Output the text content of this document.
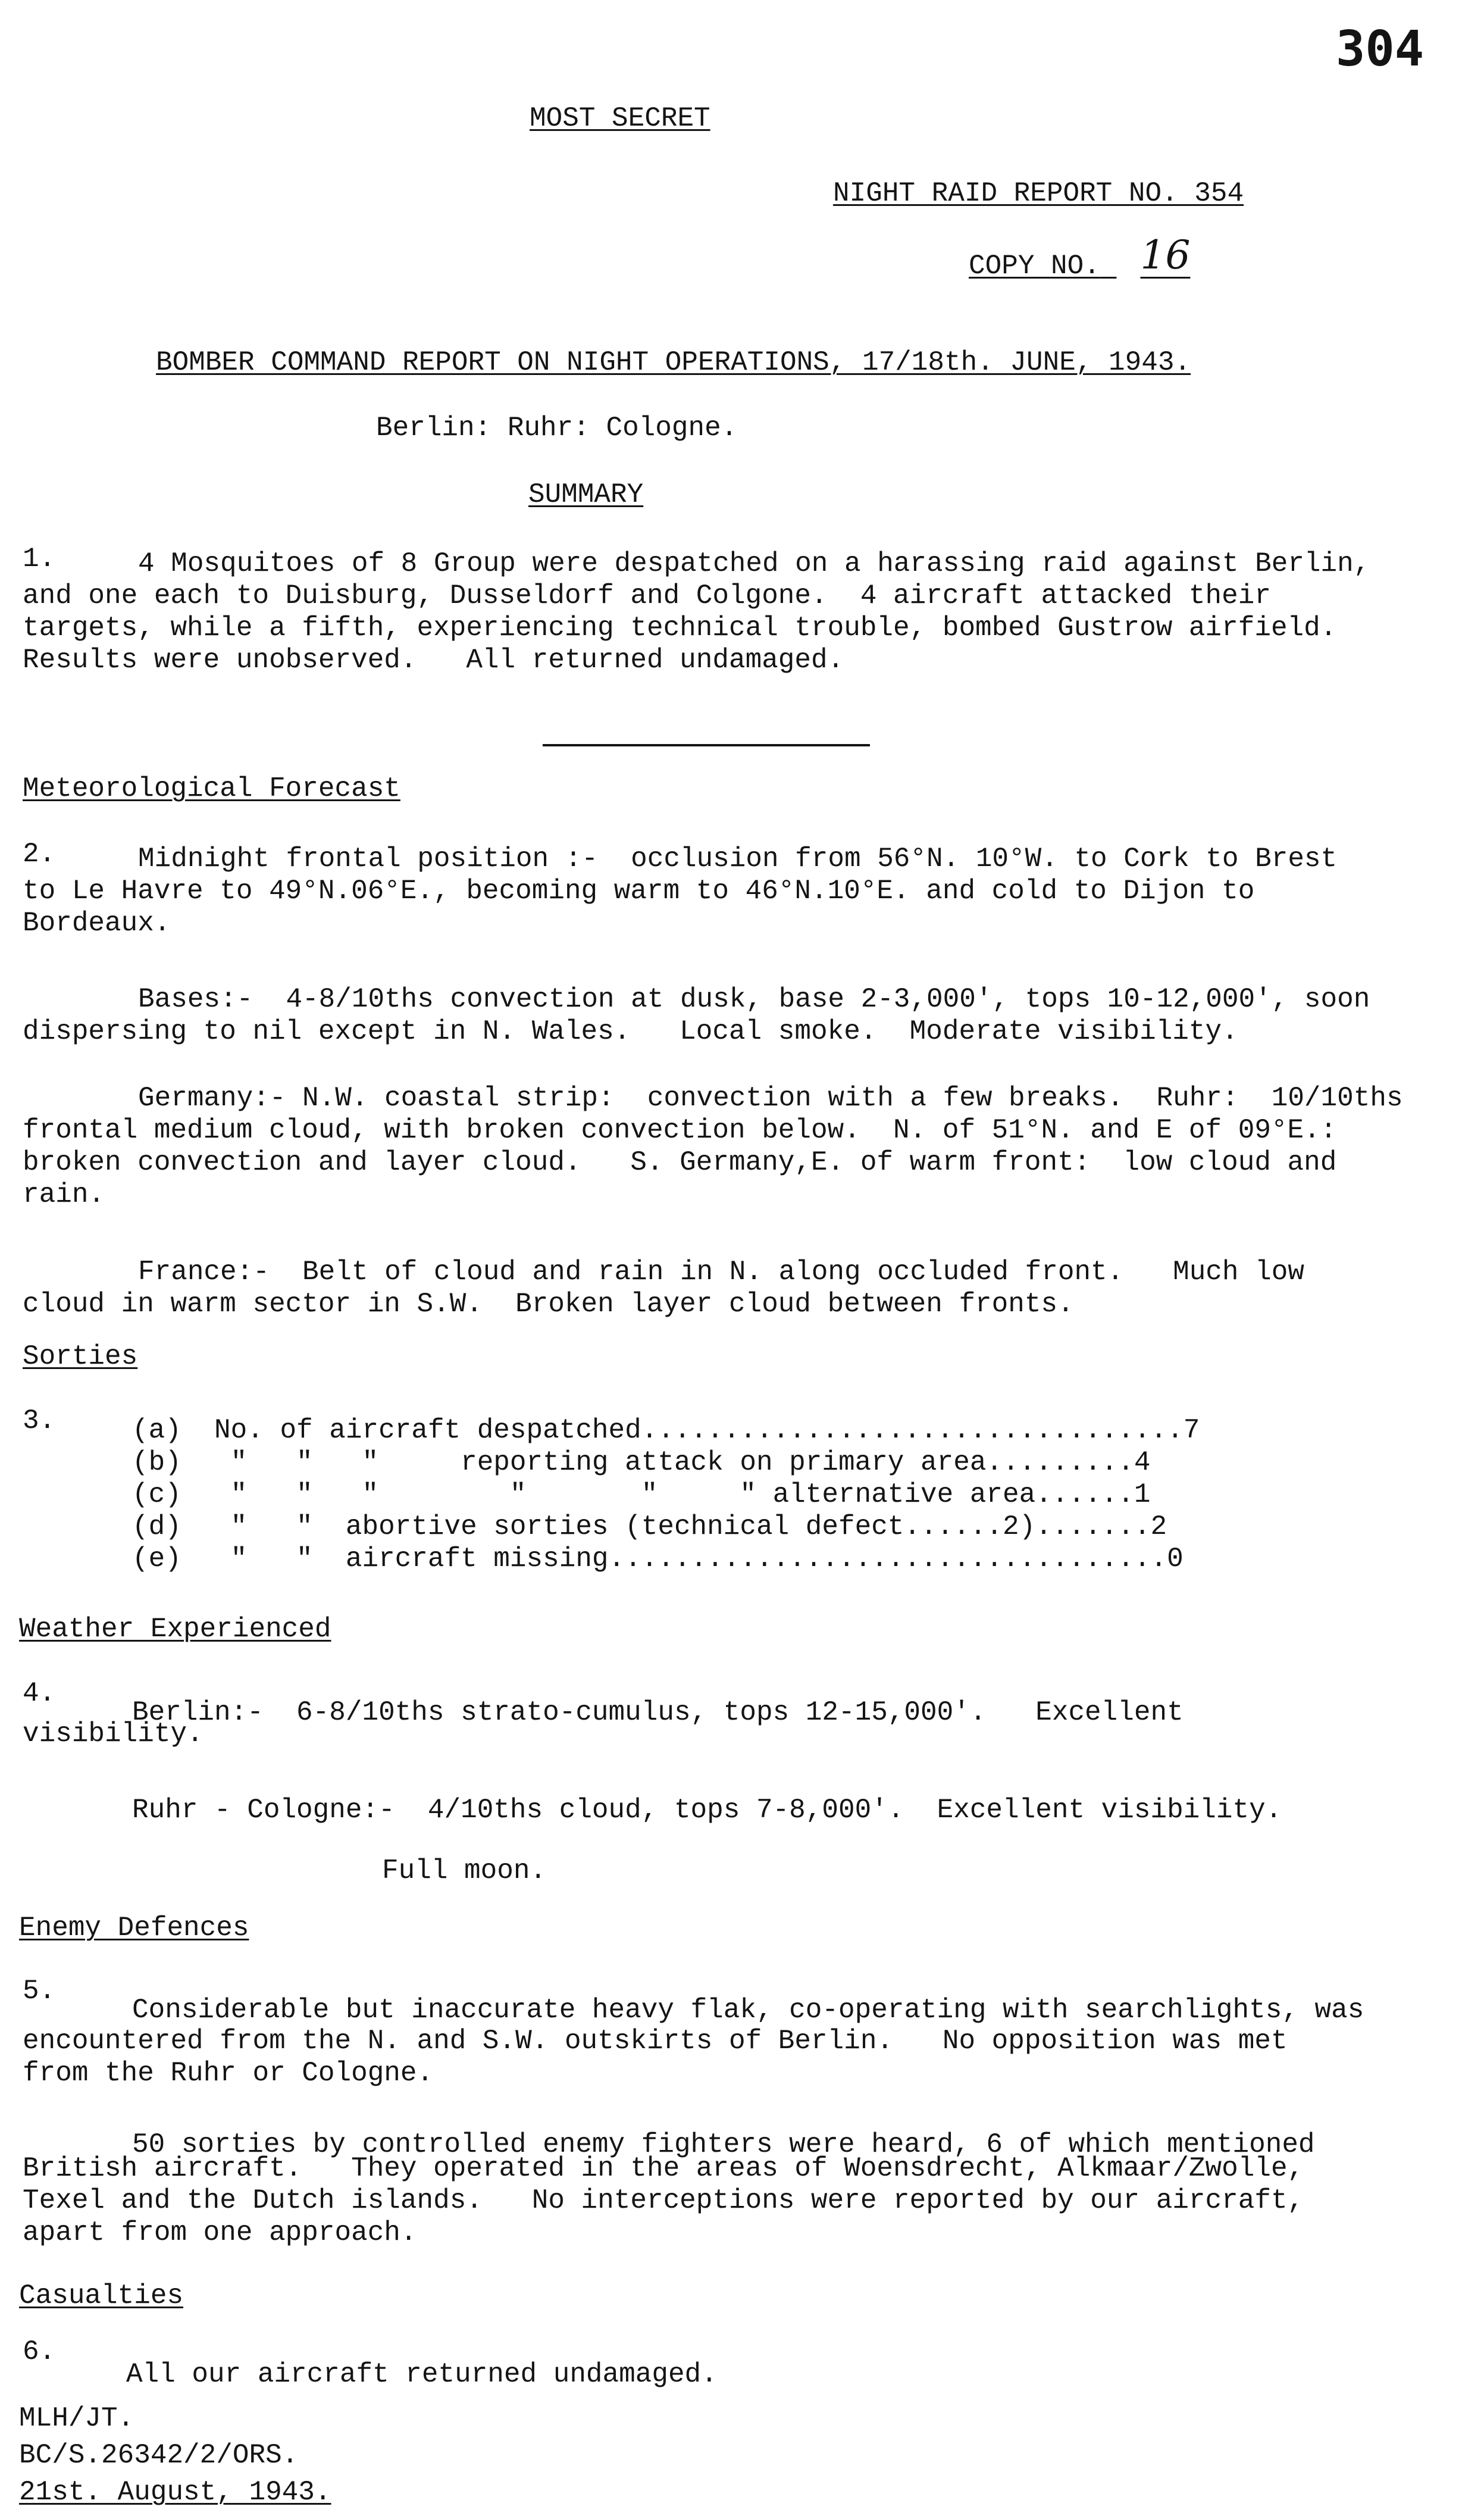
304
MOST SECRET
NIGHT RAID REPORT NO. 354
COPY NO. 16
BOMBER COMMAND REPORT ON NIGHT OPERATIONS, 17/18th. JUNE, 1943.
Berlin: Ruhr: Cologne.
SUMMARY
1.	4 Mosquitoes of 8 Group were despatched on a harassing raid against Berlin,
and one each to Duisburg, Dusseldorf and Colgone.  4 aircraft attacked their
targets, while a fifth, experiencing technical trouble, bombed Gustrow airfield.
Results were unobserved.   All returned undamaged.
Meteorological Forecast
2.	Midnight frontal position :-  occlusion from 56°N. 10°W. to Cork to Brest
to Le Havre to 49°N.06°E., becoming warm to 46°N.10°E. and cold to Dijon to
Bordeaux.
Bases:-  4-8/10ths convection at dusk, base 2-3,000', tops 10-12,000', soon
dispersing to nil except in N. Wales.   Local smoke.  Moderate visibility.
Germany:- N.W. coastal strip:  convection with a few breaks.  Ruhr:  10/10ths
frontal medium cloud, with broken convection below.  N. of 51°N. and E of 09°E.:
broken convection and layer cloud.   S. Germany,E. of warm front:  low cloud and
rain.
France:-  Belt of cloud and rain in N. along occluded front.   Much low
cloud in warm sector in S.W.  Broken layer cloud between fronts.
Sorties
3.	(a)  No. of aircraft despatched.................................7
(b)   "   "   "     reporting attack on primary area.........4
(c)   "   "   "        "       "     " alternative area......1
(d)   "   "  abortive sorties (technical defect......2).......2
(e)   "   "  aircraft missing..................................0
Weather Experienced
4.
Berlin:-  6-8/10ths strato-cumulus, tops 12-15,000'.   Excellent
visibility.
Ruhr - Cologne:-  4/10ths cloud, tops 7-8,000'.  Excellent visibility.
Full moon.
Enemy Defences
5.
Considerable but inaccurate heavy flak, co-operating with searchlights, was
encountered from the N. and S.W. outskirts of Berlin.   No opposition was met
from the Ruhr or Cologne.
50 sorties by controlled enemy fighters were heard, 6 of which mentioned
British aircraft.   They operated in the areas of Woensdrecht, Alkmaar/Zwolle,
Texel and the Dutch islands.   No interceptions were reported by our aircraft,
apart from one approach.
Casualties
6.
All our aircraft returned undamaged.
MLH/JT.
BC/S.26342/2/ORS.
21st. August, 1943.
